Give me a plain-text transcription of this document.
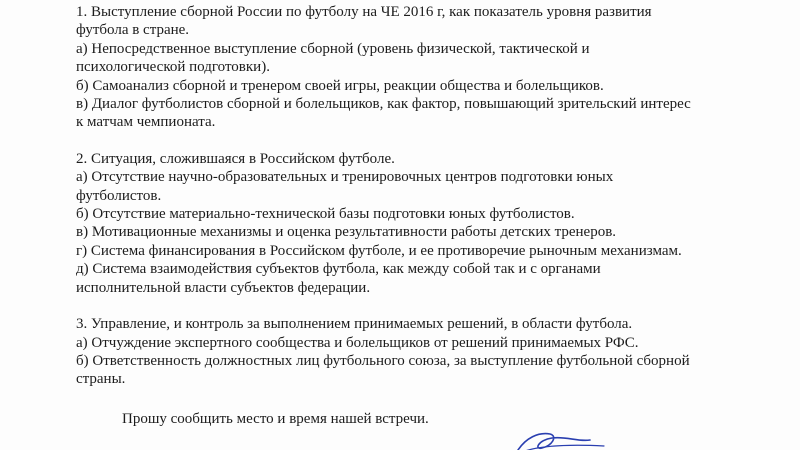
1. Выступление сборной России по футболу на ЧЕ 2016 г, как показатель уровня развития

футбола в стране.

а) Непосредственное выступление сборной (уровень физической, тактической и

психологической подготовки).

б) Самоанализ сборной и тренером своей игры, реакции общества и болельщиков.

в) Диалог футболистов сборной и болельщиков, как фактор, повышающий зрительский интерес

к матчам чемпионата.

2. Ситуация, сложившаяся в Российском футболе.

а) Отсутствие научно-образовательных и тренировочных центров подготовки юных

футболистов.

б) Отсутствие материально-технической базы подготовки юных футболистов.

в) Мотивационные механизмы и оценка результативности работы детских тренеров.

г) Система финансирования в Российском футболе, и ее противоречие рыночным механизмам.

д) Система взаимодействия субъектов футбола, как между собой так и с органами

исполнительной власти субъектов федерации.

3. Управление, и контроль за выполнением принимаемых решений, в области футбола.

а) Отчуждение экспертного сообщества и болельщиков от решений принимаемых РФС.

б) Ответственность должностных лиц футбольного союза, за выступление футбольной сборной

страны.

Прошу сообщить место и время нашей встречи.
